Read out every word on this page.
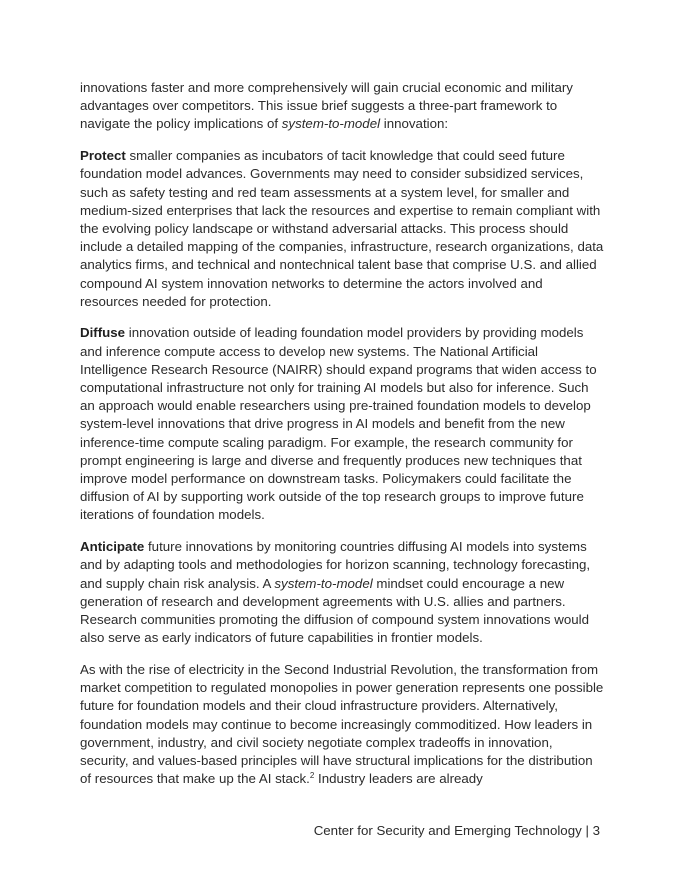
innovations faster and more comprehensively will gain crucial economic and military advantages over competitors. This issue brief suggests a three-part framework to navigate the policy implications of system-to-model innovation:

Protect smaller companies as incubators of tacit knowledge that could seed future foundation model advances. Governments may need to consider subsidized services, such as safety testing and red team assessments at a system level, for smaller and medium-sized enterprises that lack the resources and expertise to remain compliant with the evolving policy landscape or withstand adversarial attacks. This process should include a detailed mapping of the companies, infrastructure, research organizations, data analytics firms, and technical and nontechnical talent base that comprise U.S. and allied compound AI system innovation networks to determine the actors involved and resources needed for protection.

Diffuse innovation outside of leading foundation model providers by providing models and inference compute access to develop new systems. The National Artificial Intelligence Research Resource (NAIRR) should expand programs that widen access to computational infrastructure not only for training AI models but also for inference. Such an approach would enable researchers using pre-trained foundation models to develop system-level innovations that drive progress in AI models and benefit from the new inference-time compute scaling paradigm. For example, the research community for prompt engineering is large and diverse and frequently produces new techniques that improve model performance on downstream tasks. Policymakers could facilitate the diffusion of AI by supporting work outside of the top research groups to improve future iterations of foundation models.

Anticipate future innovations by monitoring countries diffusing AI models into systems and by adapting tools and methodologies for horizon scanning, technology forecasting, and supply chain risk analysis. A system-to-model mindset could encourage a new generation of research and development agreements with U.S. allies and partners. Research communities promoting the diffusion of compound system innovations would also serve as early indicators of future capabilities in frontier models.

As with the rise of electricity in the Second Industrial Revolution, the transformation from market competition to regulated monopolies in power generation represents one possible future for foundation models and their cloud infrastructure providers. Alternatively, foundation models may continue to become increasingly commoditized. How leaders in government, industry, and civil society negotiate complex tradeoffs in innovation, security, and values-based principles will have structural implications for the distribution of resources that make up the AI stack.$^2$ Industry leaders are already

Center for Security and Emerging Technology | 3
